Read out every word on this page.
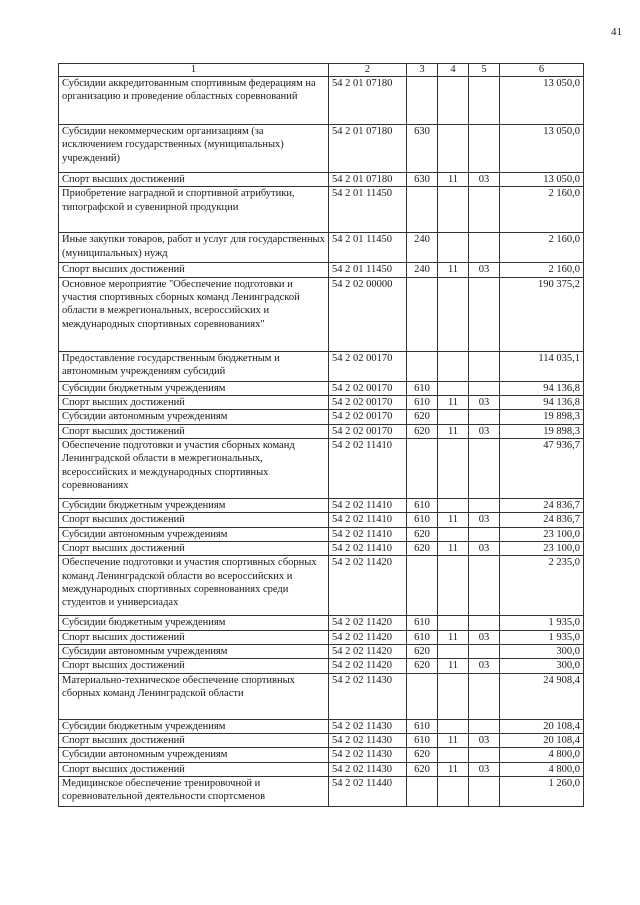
41
1	2	3	4	5	6
Субсидии аккредитованным спортивным федерациям на организацию и проведение областных соревнований	54 2 01 07180				13 050,0
Субсидии некоммерческим организациям (за исключением государственных (муниципальных) учреждений)	54 2 01 07180	630			13 050,0
Спорт высших достижений	54 2 01 07180	630	11	03	13 050,0
Приобретение наградной и спортивной атрибутики, типографской и сувенирной продукции	54 2 01 11450				2 160,0
Иные закупки товаров, работ и услуг для государственных (муниципальных) нужд	54 2 01 11450	240			2 160,0
Спорт высших достижений	54 2 01 11450	240	11	03	2 160,0
Основное мероприятие "Обеспечение подготовки и участия спортивных сборных команд Ленинградской области в межрегиональных, всероссийских и международных спортивных соревнованиях"	54 2 02 00000				190 375,2
Предоставление государственным бюджетным и автономным учреждениям субсидий	54 2 02 00170				114 035,1
Субсидии бюджетным учреждениям	54 2 02 00170	610			94 136,8
Спорт высших достижений	54 2 02 00170	610	11	03	94 136,8
Субсидии автономным учреждениям	54 2 02 00170	620			19 898,3
Спорт высших достижений	54 2 02 00170	620	11	03	19 898,3
Обеспечение подготовки и участия сборных команд Ленинградской области в межрегиональных, всероссийских и международных спортивных соревнованиях	54 2 02 11410				47 936,7
Субсидии бюджетным учреждениям	54 2 02 11410	610			24 836,7
Спорт высших достижений	54 2 02 11410	610	11	03	24 836,7
Субсидии автономным учреждениям	54 2 02 11410	620			23 100,0
Спорт высших достижений	54 2 02 11410	620	11	03	23 100,0
Обеспечение подготовки и участия спортивных сборных команд Ленинградской области во всероссийских и международных спортивных соревнованиях среди студентов и универсиадах	54 2 02 11420				2 235,0
Субсидии бюджетным учреждениям	54 2 02 11420	610			1 935,0
Спорт высших достижений	54 2 02 11420	610	11	03	1 935,0
Субсидии автономным учреждениям	54 2 02 11420	620			300,0
Спорт высших достижений	54 2 02 11420	620	11	03	300,0
Материально-техническое обеспечение спортивных сборных команд Ленинградской области	54 2 02 11430				24 908,4
Субсидии бюджетным учреждениям	54 2 02 11430	610			20 108,4
Спорт высших достижений	54 2 02 11430	610	11	03	20 108,4
Субсидии автономным учреждениям	54 2 02 11430	620			4 800,0
Спорт высших достижений	54 2 02 11430	620	11	03	4 800,0
Медицинское обеспечение тренировочной и соревновательной деятельности спортсменов	54 2 02 11440				1 260,0
